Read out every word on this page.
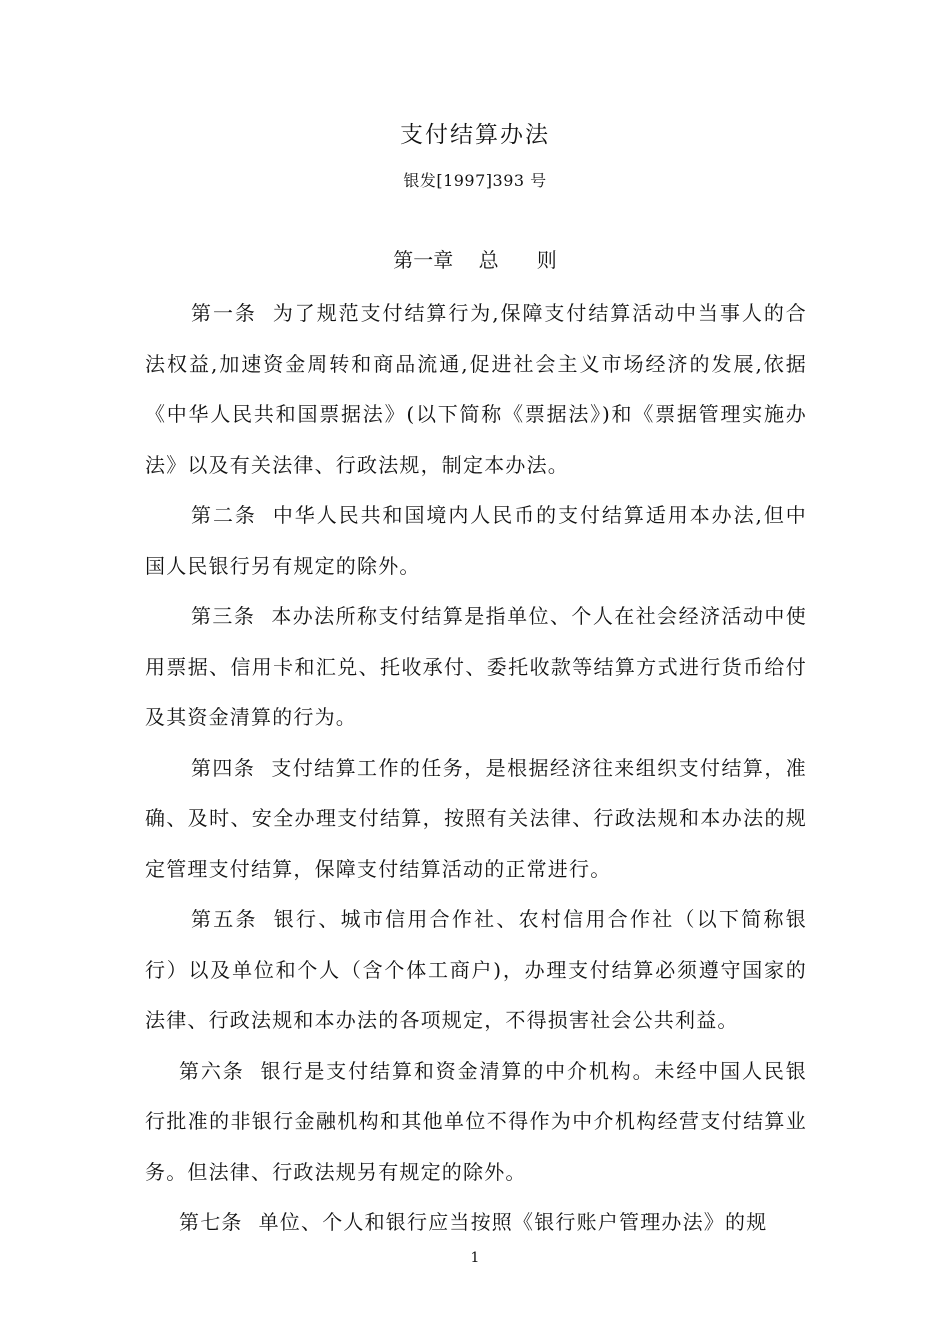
支付结算办法
银发[1997]393 号
第一章    总      则

第一条 为了规范支付结算行为,保障支付结算活动中当事人的合法权益,加速资金周转和商品流通,促进社会主义市场经济的发展,依据《中华人民共和国票据法》(以下简称《票据法》)和《票据管理实施办法》以及有关法律、行政法规，制定本办法。

第二条 中华人民共和国境内人民币的支付结算适用本办法,但中国人民银行另有规定的除外。

第三条 本办法所称支付结算是指单位、个人在社会经济活动中使用票据、信用卡和汇兑、托收承付、委托收款等结算方式进行货币给付及其资金清算的行为。

第四条 支付结算工作的任务，是根据经济往来组织支付结算，准确、及时、安全办理支付结算，按照有关法律、行政法规和本办法的规定管理支付结算，保障支付结算活动的正常进行。

第五条 银行、城市信用合作社、农村信用合作社（以下简称银行）以及单位和个人（含个体工商户)，办理支付结算必须遵守国家的法律、行政法规和本办法的各项规定，不得损害社会公共利益。

第六条 银行是支付结算和资金清算的中介机构。未经中国人民银行批准的非银行金融机构和其他单位不得作为中介机构经营支付结算业务。但法律、行政法规另有规定的除外。

第七条 单位、个人和银行应当按照《银行账户管理办法》的规

1
